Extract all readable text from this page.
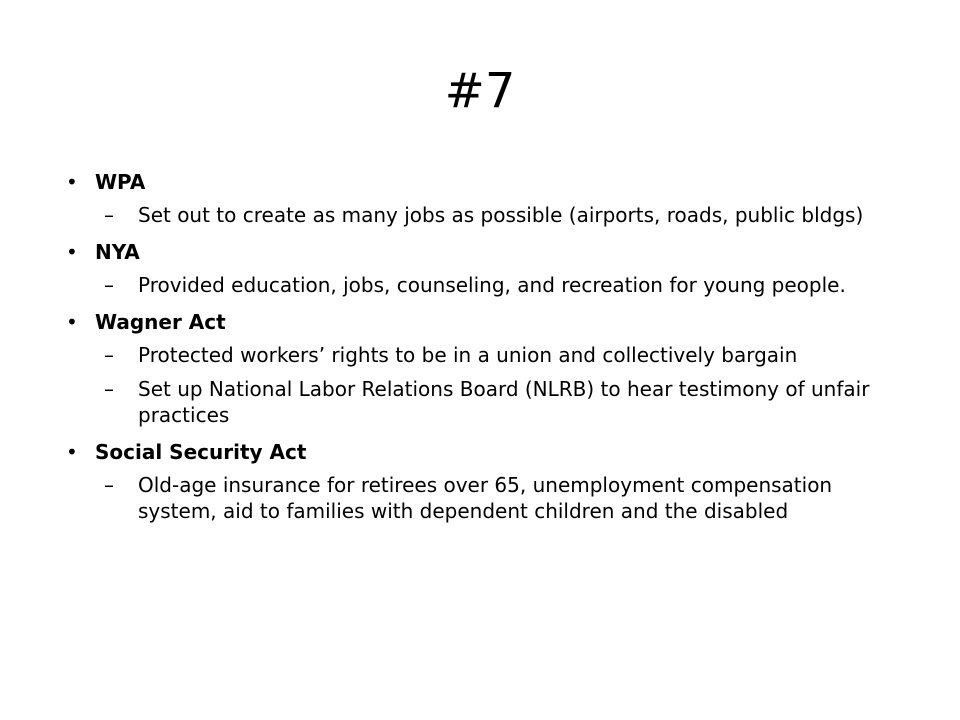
#7
• WPA
– Set out to create as many jobs as possible (airports, roads, public bldgs)
• NYA
– Provided education, jobs, counseling, and recreation for young people.
• Wagner Act
– Protected workers’ rights to be in a union and collectively bargain
– Set up National Labor Relations Board (NLRB) to hear testimony of unfair practices
• Social Security Act
– Old-age insurance for retirees over 65, unemployment compensation system, aid to families with dependent children and the disabled
